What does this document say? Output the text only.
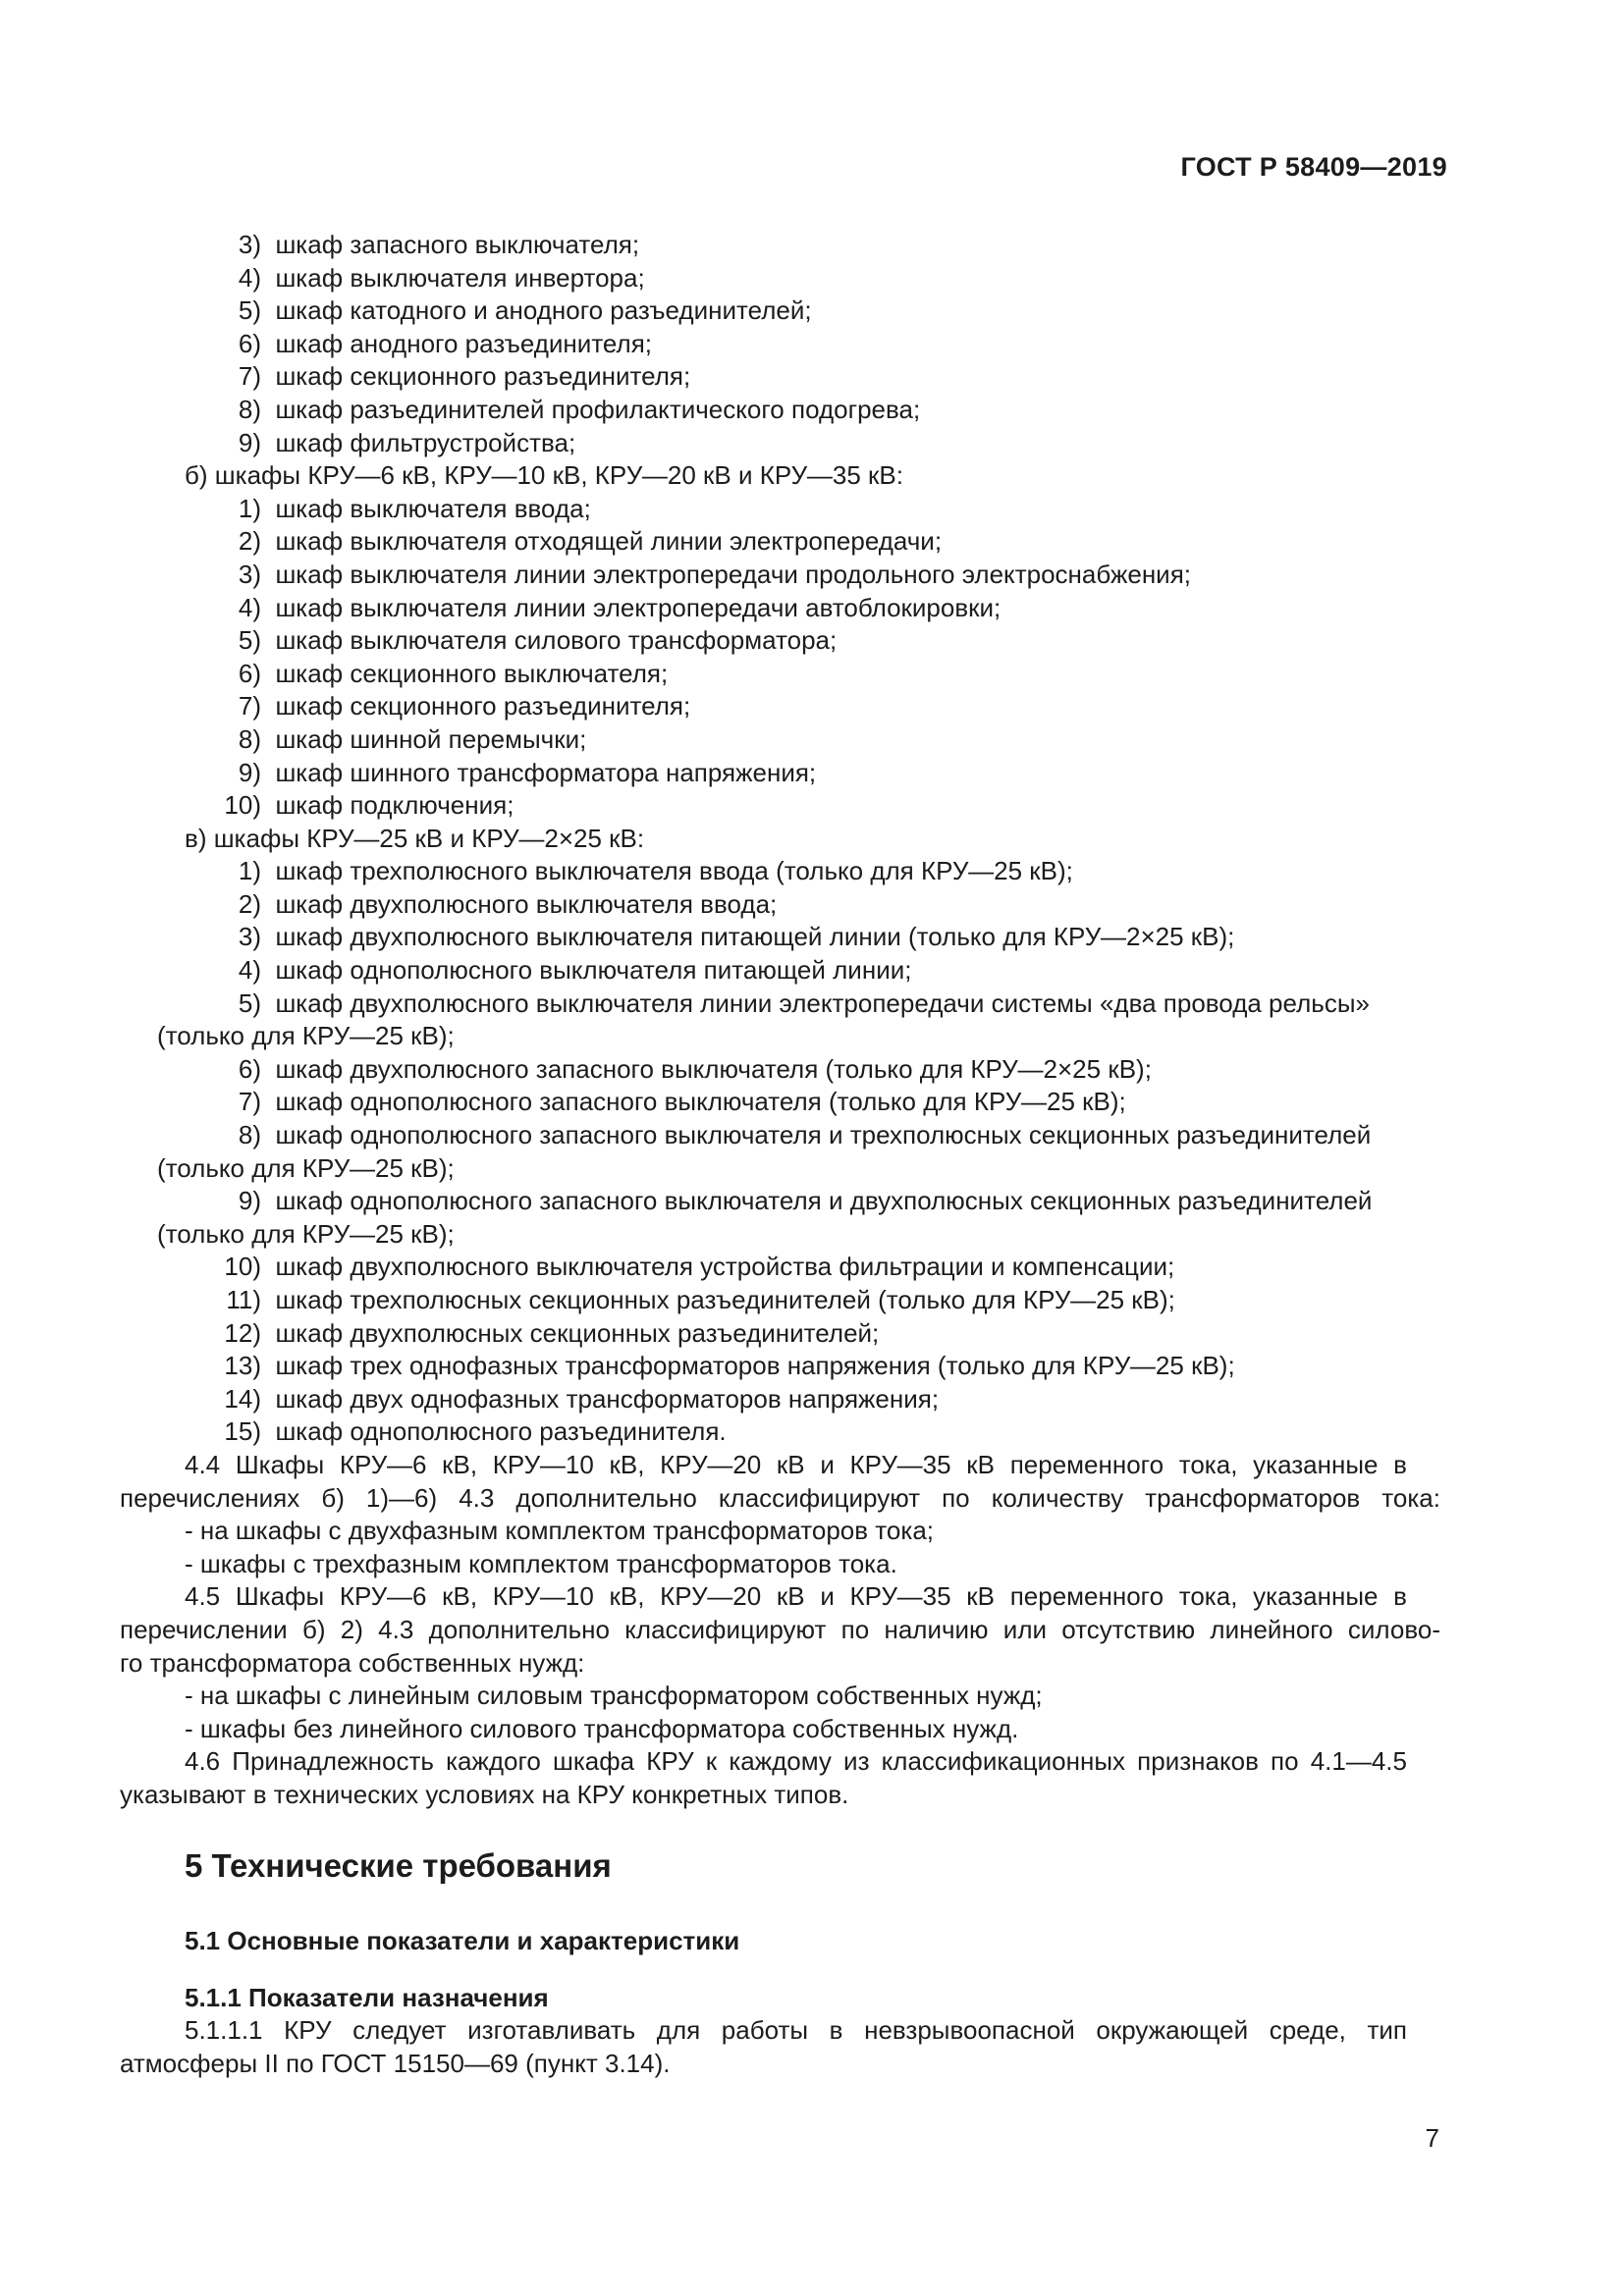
ГОСТ Р 58409—2019
3) шкаф запасного выключателя;
4) шкаф выключателя инвертора;
5) шкаф катодного и анодного разъединителей;
6) шкаф анодного разъединителя;
7) шкаф секционного разъединителя;
8) шкаф разъединителей профилактического подогрева;
9) шкаф фильтрустройства;
б) шкафы КРУ—6 кВ, КРУ—10 кВ, КРУ—20 кВ и КРУ—35 кВ:
1) шкаф выключателя ввода;
2) шкаф выключателя отходящей линии электропередачи;
3) шкаф выключателя линии электропередачи продольного электроснабжения;
4) шкаф выключателя линии электропередачи автоблокировки;
5) шкаф выключателя силового трансформатора;
6) шкаф секционного выключателя;
7) шкаф секционного разъединителя;
8) шкаф шинной перемычки;
9) шкаф шинного трансформатора напряжения;
10) шкаф подключения;
в) шкафы КРУ—25 кВ и КРУ—2×25 кВ:
1) шкаф трехполюсного выключателя ввода (только для КРУ—25 кВ);
2) шкаф двухполюсного выключателя ввода;
3) шкаф двухполюсного выключателя питающей линии (только для КРУ—2×25 кВ);
4) шкаф однополюсного выключателя питающей линии;
5) шкаф двухполюсного выключателя линии электропередачи системы «два провода рельсы»
(только для КРУ—25 кВ);
6) шкаф двухполюсного запасного выключателя (только для КРУ—2×25 кВ);
7) шкаф однополюсного запасного выключателя (только для КРУ—25 кВ);
8) шкаф однополюсного запасного выключателя и трехполюсных секционных разъединителей
(только для КРУ—25 кВ);
9) шкаф однополюсного запасного выключателя и двухполюсных секционных разъединителей
(только для КРУ—25 кВ);
10) шкаф двухполюсного выключателя устройства фильтрации и компенсации;
11) шкаф трехполюсных секционных разъединителей (только для КРУ—25 кВ);
12) шкаф двухполюсных секционных разъединителей;
13) шкаф трех однофазных трансформаторов напряжения (только для КРУ—25 кВ);
14) шкаф двух однофазных трансформаторов напряжения;
15) шкаф однополюсного разъединителя.
4.4 Шкафы КРУ—6 кВ, КРУ—10 кВ, КРУ—20 кВ и КРУ—35 кВ переменного тока, указанные в
перечислениях б) 1)—6) 4.3 дополнительно классифицируют по количеству трансформаторов тока:
- на шкафы с двухфазным комплектом трансформаторов тока;
- шкафы с трехфазным комплектом трансформаторов тока.
4.5 Шкафы КРУ—6 кВ, КРУ—10 кВ, КРУ—20 кВ и КРУ—35 кВ переменного тока, указанные в
перечислении б) 2) 4.3 дополнительно классифицируют по наличию или отсутствию линейного силово-
го трансформатора собственных нужд:
- на шкафы с линейным силовым трансформатором собственных нужд;
- шкафы без линейного силового трансформатора собственных нужд.
4.6 Принадлежность каждого шкафа КРУ к каждому из классификационных признаков по 4.1—4.5
указывают в технических условиях на КРУ конкретных типов.
5 Технические требования
5.1 Основные показатели и характеристики
5.1.1 Показатели назначения
5.1.1.1 КРУ следует изготавливать для работы в невзрывоопасной окружающей среде, тип
атмосферы II по ГОСТ 15150—69 (пункт 3.14).
7
